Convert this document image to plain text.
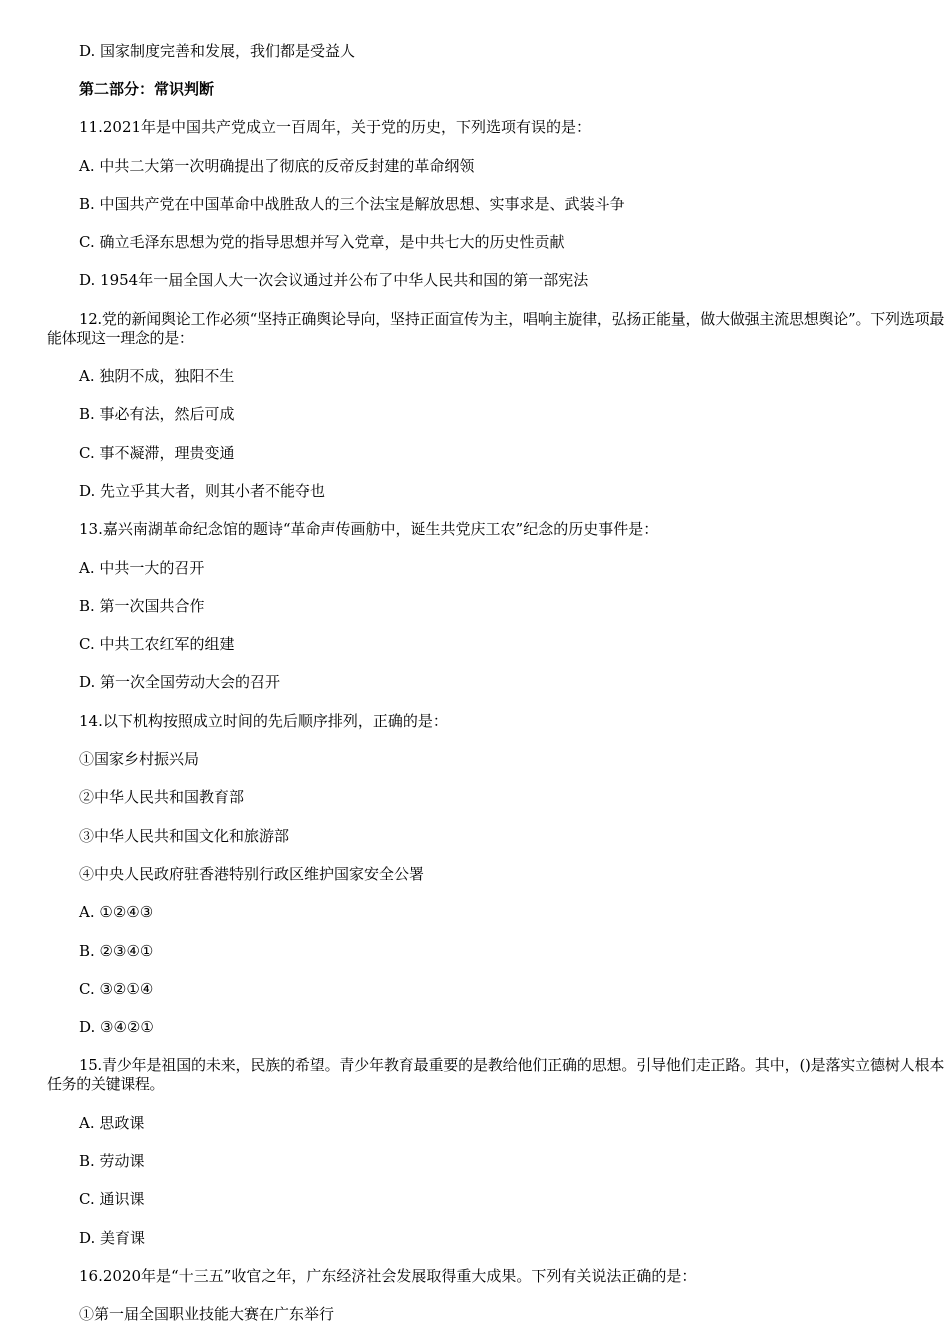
D. 国家制度完善和发展，我们都是受益人
第二部分：常识判断
11.2021年是中国共产党成立一百周年，关于党的历史，下列选项有误的是：
A. 中共二大第一次明确提出了彻底的反帝反封建的革命纲领
B. 中国共产党在中国革命中战胜敌人的三个法宝是解放思想、实事求是、武装斗争
C. 确立毛泽东思想为党的指导思想并写入党章，是中共七大的历史性贡献
D. 1954年一届全国人大一次会议通过并公布了中华人民共和国的第一部宪法
12.党的新闻舆论工作必须“坚持正确舆论导向，坚持正面宣传为主，唱响主旋律，弘扬正能量，做大做强主流思想舆论”。下列选项最能体现这一理念的是：
A. 独阴不成，独阳不生
B. 事必有法，然后可成
C. 事不凝滞，理贵变通
D. 先立乎其大者，则其小者不能夺也
13.嘉兴南湖革命纪念馆的题诗“革命声传画舫中，诞生共党庆工农”纪念的历史事件是：
A. 中共一大的召开
B. 第一次国共合作
C. 中共工农红军的组建
D. 第一次全国劳动大会的召开
14.以下机构按照成立时间的先后顺序排列，正确的是：
①国家乡村振兴局
②中华人民共和国教育部
③中华人民共和国文化和旅游部
④中央人民政府驻香港特别行政区维护国家安全公署
A. ①②④③
B. ②③④①
C. ③②①④
D. ③④②①
15.青少年是祖国的未来，民族的希望。青少年教育最重要的是教给他们正确的思想。引导他们走正路。其中，()是落实立德树人根本任务的关键课程。
A. 思政课
B. 劳动课
C. 通识课
D. 美育课
16.2020年是“十三五”收官之年，广东经济社会发展取得重大成果。下列有关说法正确的是：
①第一届全国职业技能大赛在广东举行
